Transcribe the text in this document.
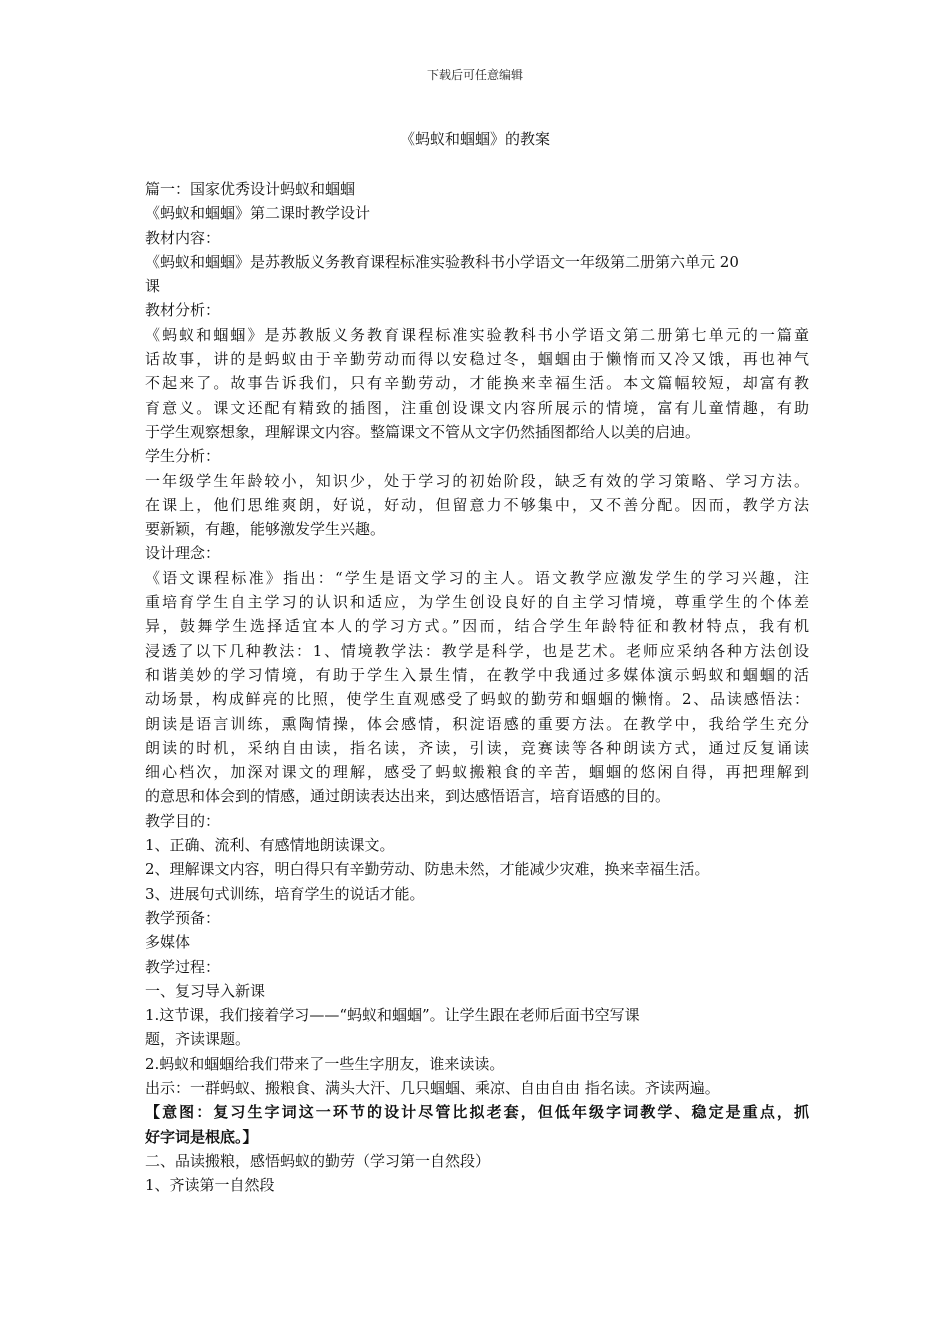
下载后可任意编辑
《蚂蚁和蝈蝈》的教案
篇一：国家优秀设计蚂蚁和蝈蝈
《蚂蚁和蝈蝈》第二课时教学设计
教材内容：
《蚂蚁和蝈蝈》是苏教版义务教育课程标准实验教科书小学语文一年级第二册第六单元 20
课
教材分析：
《蚂蚁和蝈蝈》是苏教版义务教育课程标准实验教科书小学语文第二册第七单元的一篇童
话故事，讲的是蚂蚁由于辛勤劳动而得以安稳过冬，蝈蝈由于懒惰而又冷又饿，再也神气
不起来了。故事告诉我们，只有辛勤劳动，才能换来幸福生活。本文篇幅较短，却富有教
育意义。课文还配有精致的插图，注重创设课文内容所展示的情境，富有儿童情趣，有助
于学生观察想象，理解课文内容。整篇课文不管从文字仍然插图都给人以美的启迪。
学生分析：
一年级学生年龄较小，知识少，处于学习的初始阶段，缺乏有效的学习策略、学习方法。
在课上，他们思维爽朗，好说，好动，但留意力不够集中，又不善分配。因而，教学方法
要新颖，有趣，能够激发学生兴趣。
设计理念：
《语文课程标准》指出：“学生是语文学习的主人。语文教学应激发学生的学习兴趣，注
重培育学生自主学习的认识和适应，为学生创设良好的自主学习情境，尊重学生的个体差
异，鼓舞学生选择适宜本人的学习方式。”因而，结合学生年龄特征和教材特点，我有机
浸透了以下几种教法：1、情境教学法：教学是科学，也是艺术。老师应采纳各种方法创设
和谐美妙的学习情境，有助于学生入景生情，在教学中我通过多媒体演示蚂蚁和蝈蝈的活
动场景，构成鲜亮的比照，使学生直观感受了蚂蚁的勤劳和蝈蝈的懒惰。2、品读感悟法：
朗读是语言训练，熏陶情操，体会感情，积淀语感的重要方法。在教学中，我给学生充分
朗读的时机，采纳自由读，指名读，齐读，引读，竞赛读等各种朗读方式，通过反复诵读
细心档次，加深对课文的理解，感受了蚂蚁搬粮食的辛苦，蝈蝈的悠闲自得，再把理解到
的意思和体会到的情感，通过朗读表达出来，到达感悟语言，培育语感的目的。
教学目的：
1、正确、流利、有感情地朗读课文。
2、理解课文内容，明白得只有辛勤劳动、防患未然，才能减少灾难，换来幸福生活。
3、进展句式训练，培育学生的说话才能。
教学预备：
多媒体
教学过程：
一、复习导入新课
1.这节课，我们接着学习——“蚂蚁和蝈蝈”。让学生跟在老师后面书空写课
题，齐读课题。
2.蚂蚁和蝈蝈给我们带来了一些生字朋友，谁来读读。
出示：一群蚂蚁、搬粮食、满头大汗、几只蝈蝈、乘凉、自由自由 指名读。齐读两遍。
【意图：复习生字词这一环节的设计尽管比拟老套，但低年级字词教学、稳定是重点，抓
好字词是根底。】
二、品读搬粮，感悟蚂蚁的勤劳（学习第一自然段）
1、齐读第一自然段
